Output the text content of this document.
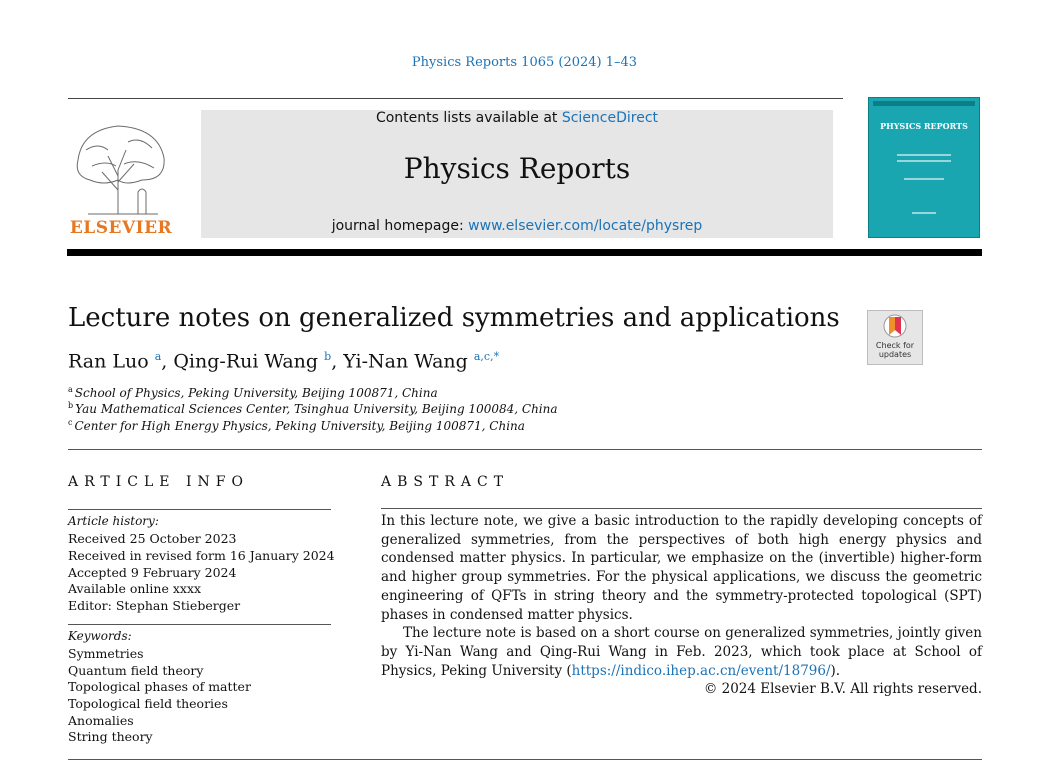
Physics Reports 1065 (2024) 1–43
ELSEVIER
Contents lists available at ScienceDirect
Physics Reports
journal homepage: www.elsevier.com/locate/physrep
PHYSICS REPORTS
Lecture notes on generalized symmetries and applications
Ran Luo $^a$, Qing-Rui Wang $^b$, Yi-Nan Wang $^{a,c,*}$
Check for updates
$^a$ School of Physics, Peking University, Beijing 100871, China
$^b$ Yau Mathematical Sciences Center, Tsinghua University, Beijing 100084, China
$^c$ Center for High Energy Physics, Peking University, Beijing 100871, China
ARTICLE INFO	ABSTRACT
Article history:
Received 25 October 2023
Received in revised form 16 January 2024
Accepted 9 February 2024
Available online xxxx
Editor: Stephan Stieberger
Keywords:
Symmetries
Quantum field theory
Topological phases of matter
Topological field theories
Anomalies
String theory

In this lecture note, we give a basic introduction to the rapidly developing concepts of generalized symmetries, from the perspectives of both high energy physics and condensed matter physics. In particular, we emphasize on the (invertible) higher-form and higher group symmetries. For the physical applications, we discuss the geometric engineering of QFTs in string theory and the symmetry-protected topological (SPT) phases in condensed matter physics.

The lecture note is based on a short course on generalized symmetries, jointly given by Yi-Nan Wang and Qing-Rui Wang in Feb. 2023, which took place at School of Physics, Peking University (https://indico.ihep.ac.cn/event/18796/).

© 2024 Elsevier B.V. All rights reserved.
